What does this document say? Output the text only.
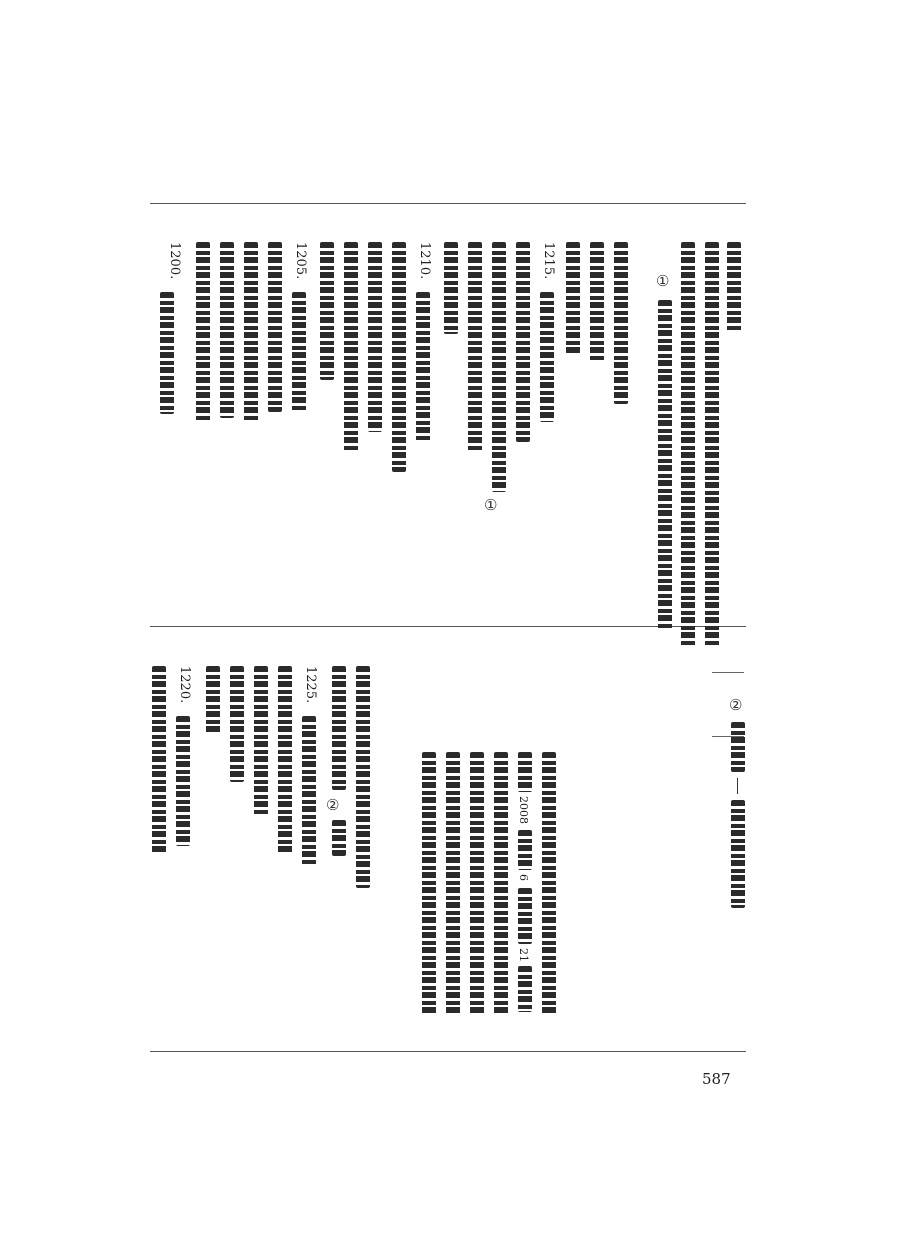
①
1215.
①
1210.
1205.
1200.
②
2008
6
21
②
1225.
1220.
587
